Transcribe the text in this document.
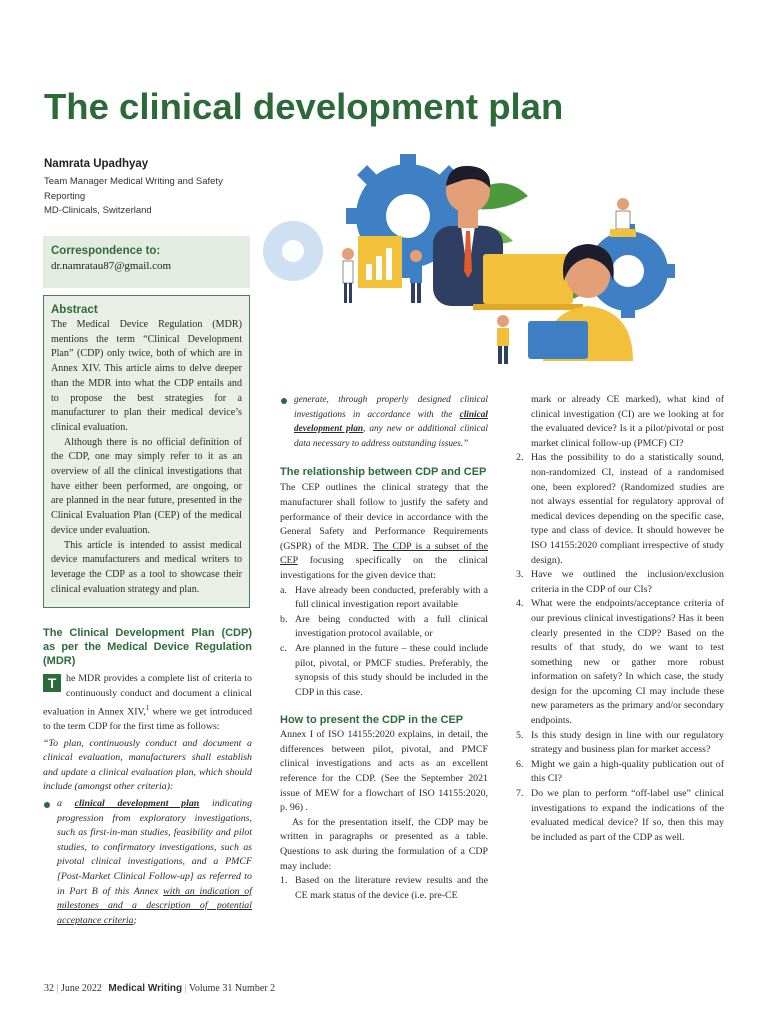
The clinical development plan
Namrata Upadhyay
Team Manager Medical Writing and Safety Reporting
MD-Clinicals, Switzerland
Correspondence to:
dr.namratau87@gmail.com
Abstract

The Medical Device Regulation (MDR) mentions the term “Clinical Development Plan” (CDP) only twice, both of which are in Annex XIV. This article aims to delve deeper than the MDR into what the CDP entails and to propose the best strategies for a manufacturer to plan their medical device’s clinical evaluation.

Although there is no official definition of the CDP, one may simply refer to it as an overview of all the clinical investigations that have either been performed, are ongoing, or are planned in the near future, presented in the Clinical Evaluation Plan (CEP) of the medical device under evaluation.

This article is intended to assist medical device manufacturers and medical writers to leverage the CDP as a tool to showcase their clinical evaluation strategy and plan.

The Clinical Development Plan (CDP) as per the Medical Device Regulation (MDR)

T he MDR provides a complete list of criteria to continuously conduct and document a clinical evaluation in Annex XIV,$^1$ where we get introduced to the term CDP for the first time as follows:

“To plan, continuously conduct and document a clinical evaluation, manufacturers shall establish and update a clinical evaluation plan, which should include (amongst other criteria):

a clinical development plan indicating progression from exploratory investigations, such as first-in-man studies, feasibility and pilot studies, to confirmatory investigations, such as pivotal clinical investigations, and a PMCF [Post-Market Clinical Follow-up] as referred to in Part B of this Annex with an indication of milestones and a description of potential acceptance criteria;

generate, through properly designed clinical investigations in accordance with the clinical development plan, any new or additional clinical data necessary to address outstanding issues.”

The relationship between CDP and CEP

The CEP outlines the clinical strategy that the manufacturer shall follow to justify the safety and performance of their device in accordance with the General Safety and Performance Requirements (GSPR) of the MDR. The CDP is a subset of the CEP focusing specifically on the clinical investigations for the given device that:

a. Have already been conducted, preferably with a full clinical investigation report available
b. Are being conducted with a full clinical investigation protocol available, or
c. Are planned in the future – these could include pilot, pivotal, or PMCF studies. Preferably, the synopsis of this study should be included in the CDP in this case.
How to present the CDP in the CEP

Annex I of ISO 14155:2020 explains, in detail, the differences between pilot, pivotal, and PMCF clinical investigations and acts as an excellent reference for the CDP. (See the September 2021 issue of MEW for a flowchart of ISO 14155:2020, p. 96) .

As for the presentation itself, the CDP may be written in paragraphs or presented as a table. Questions to ask during the formulation of a CDP may include:

1. Based on the literature review results and the CE mark status of the device (i.e. pre-CE

mark or already CE marked), what kind of clinical investigation (CI) are we looking at for the evaluated device? Is it a pilot/pivotal or post market clinical follow-up (PMCF) CI?

2. Has the possibility to do a statistically sound, non-randomized CI, instead of a randomised one, been explored? (Randomized studies are not always essential for regulatory approval of medical devices depending on the specific case, type and class of device. It should however be ISO 14155:2020 compliant irrespective of study design).
3. Have we outlined the inclusion/exclusion criteria in the CDP of our CIs?
4. What were the endpoints/acceptance criteria of our previous clinical investigations? Has it been clearly presented in the CDP? Based on the results of that study, do we want to test something new or gather more robust information on safety? In which case, the study design for the upcoming CI may include these new parameters as the primary and/or secondary endpoints.
5. Is this study design in line with our regulatory strategy and business plan for market access?
6. Might we gain a high-quality publication out of this CI?
7. Do we plan to perform “off-label use” clinical investigations to expand the indications of the evaluated medical device? If so, then this may be included as part of the CDP as well.
32 | June 2022 Medical Writing | Volume 31 Number 2
